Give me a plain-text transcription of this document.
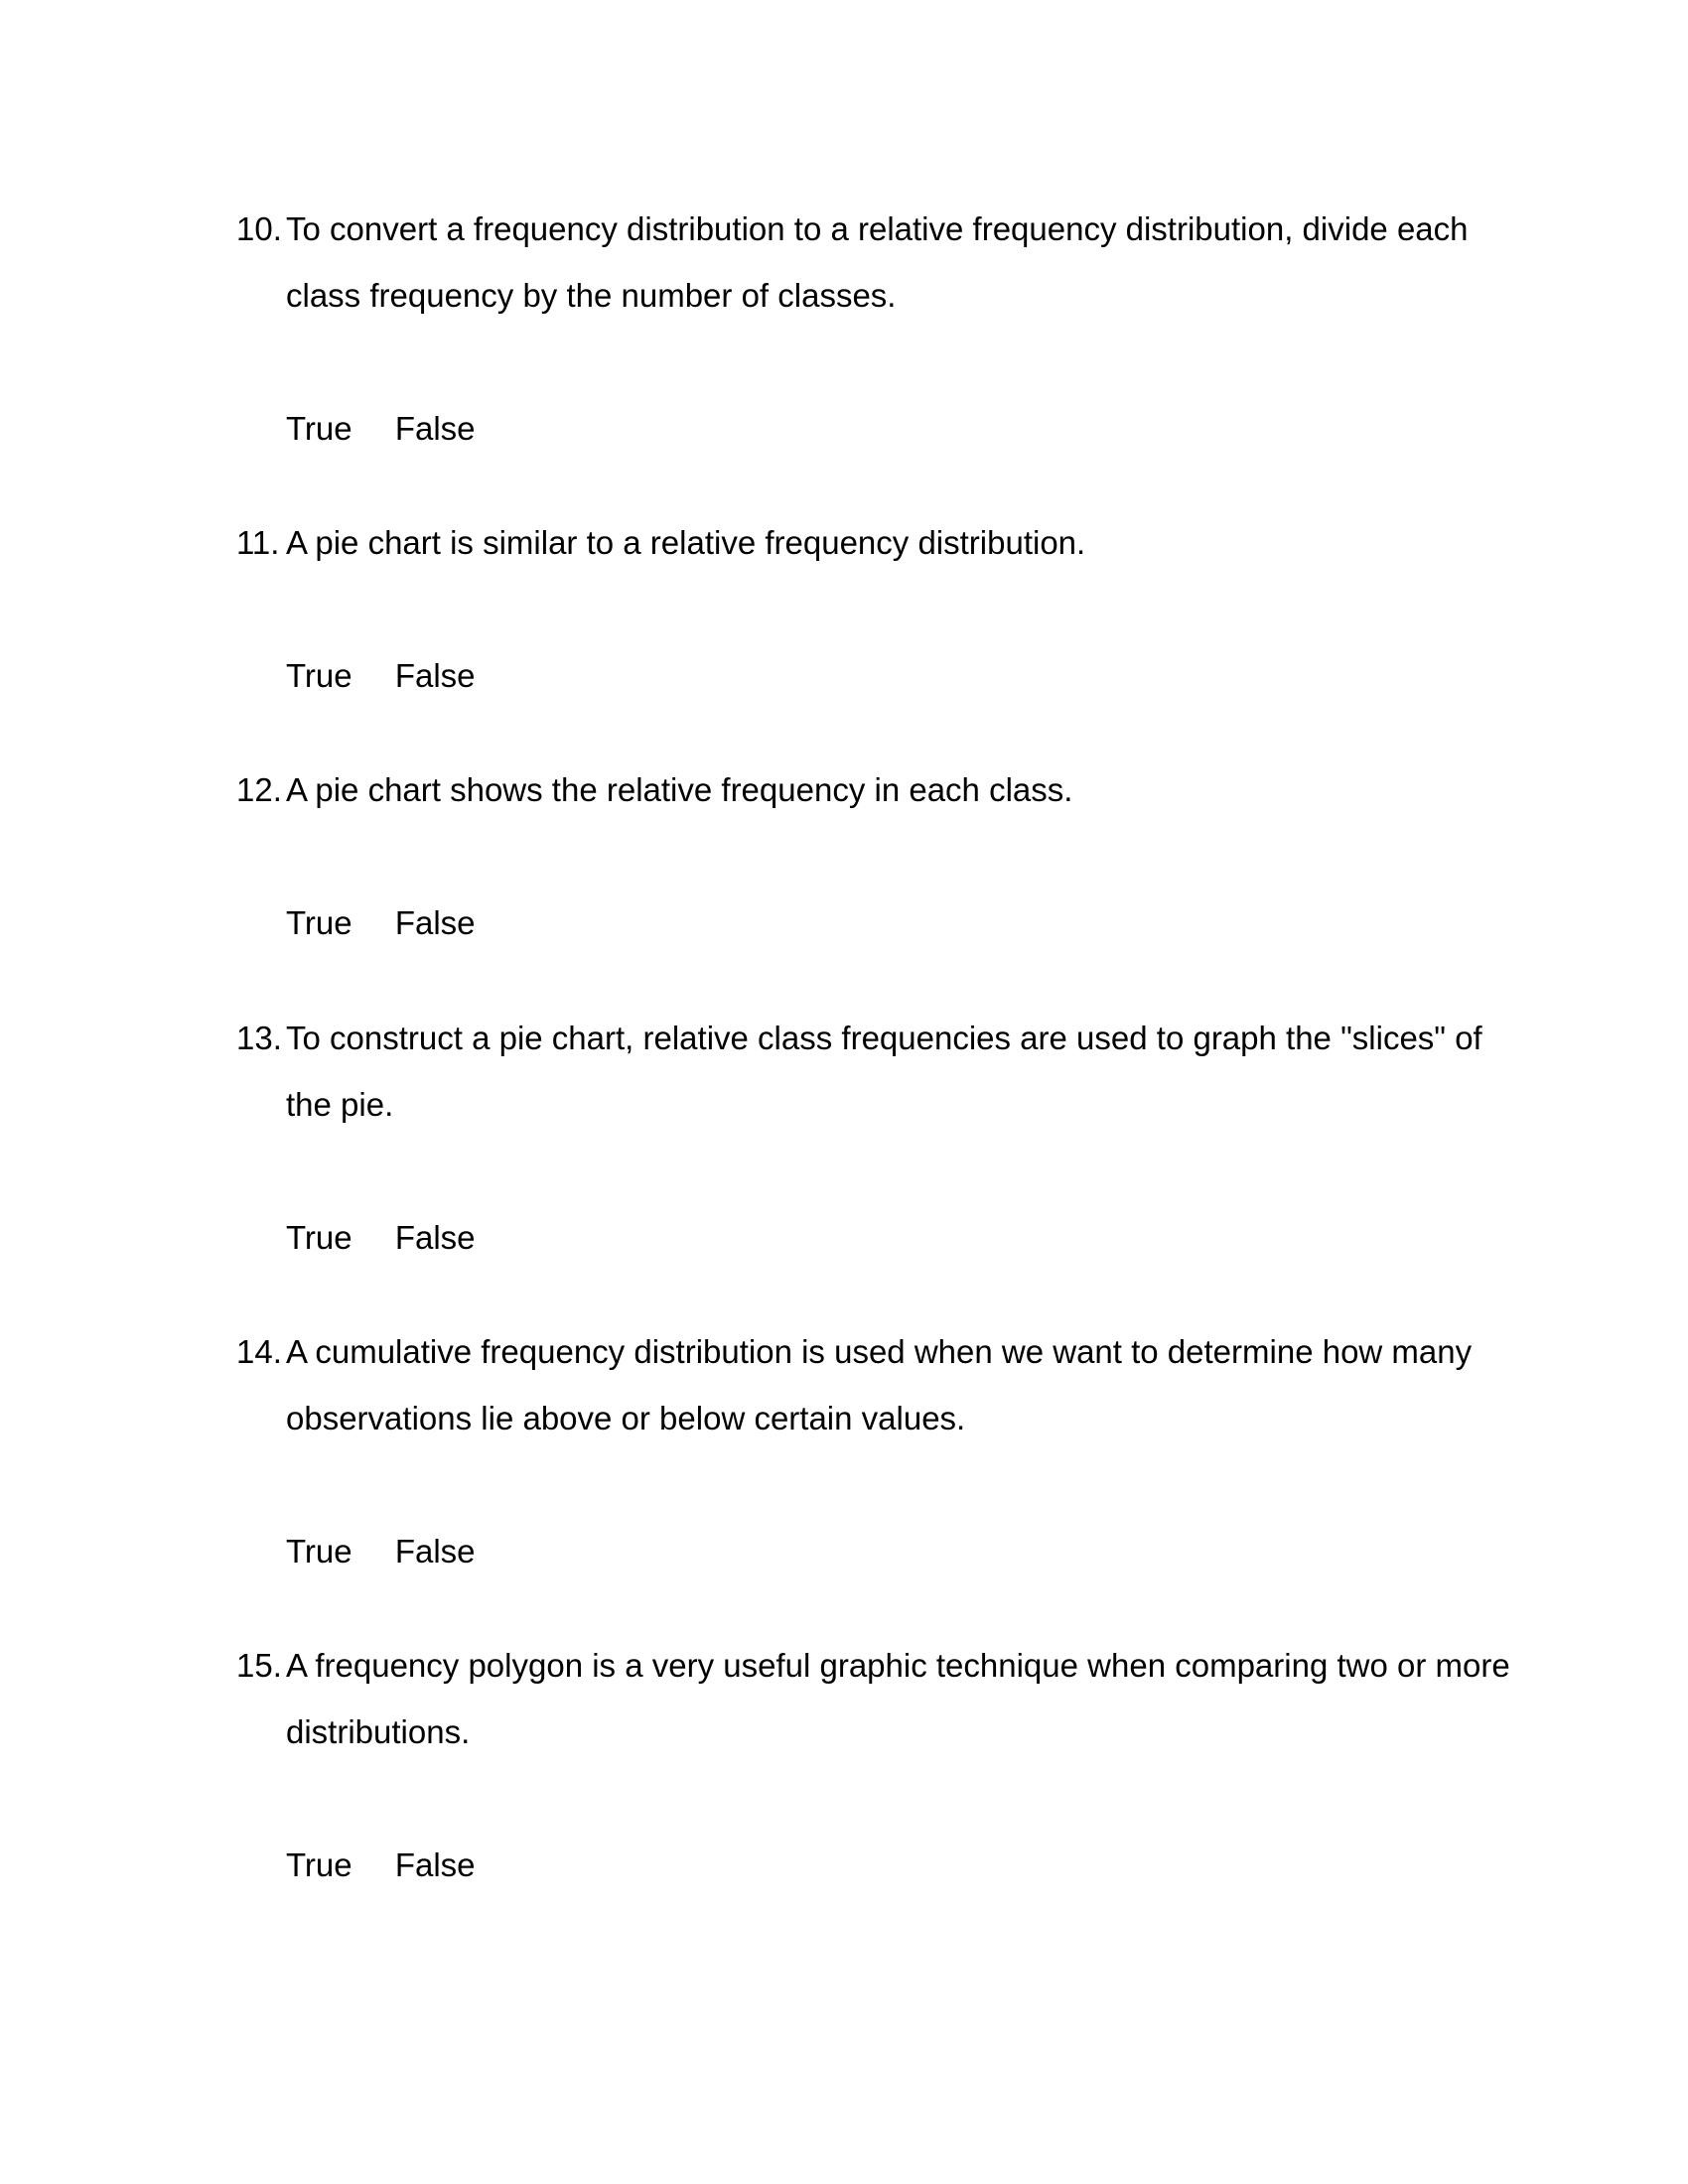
10. To convert a frequency distribution to a relative frequency distribution, divide each class frequency by the number of classes.
True False
11. A pie chart is similar to a relative frequency distribution.
True False
12. A pie chart shows the relative frequency in each class.
True False
13. To construct a pie chart, relative class frequencies are used to graph the "slices" of the pie.
True False
14. A cumulative frequency distribution is used when we want to determine how many observations lie above or below certain values.
True False
15. A frequency polygon is a very useful graphic technique when comparing two or more distributions.
True False
